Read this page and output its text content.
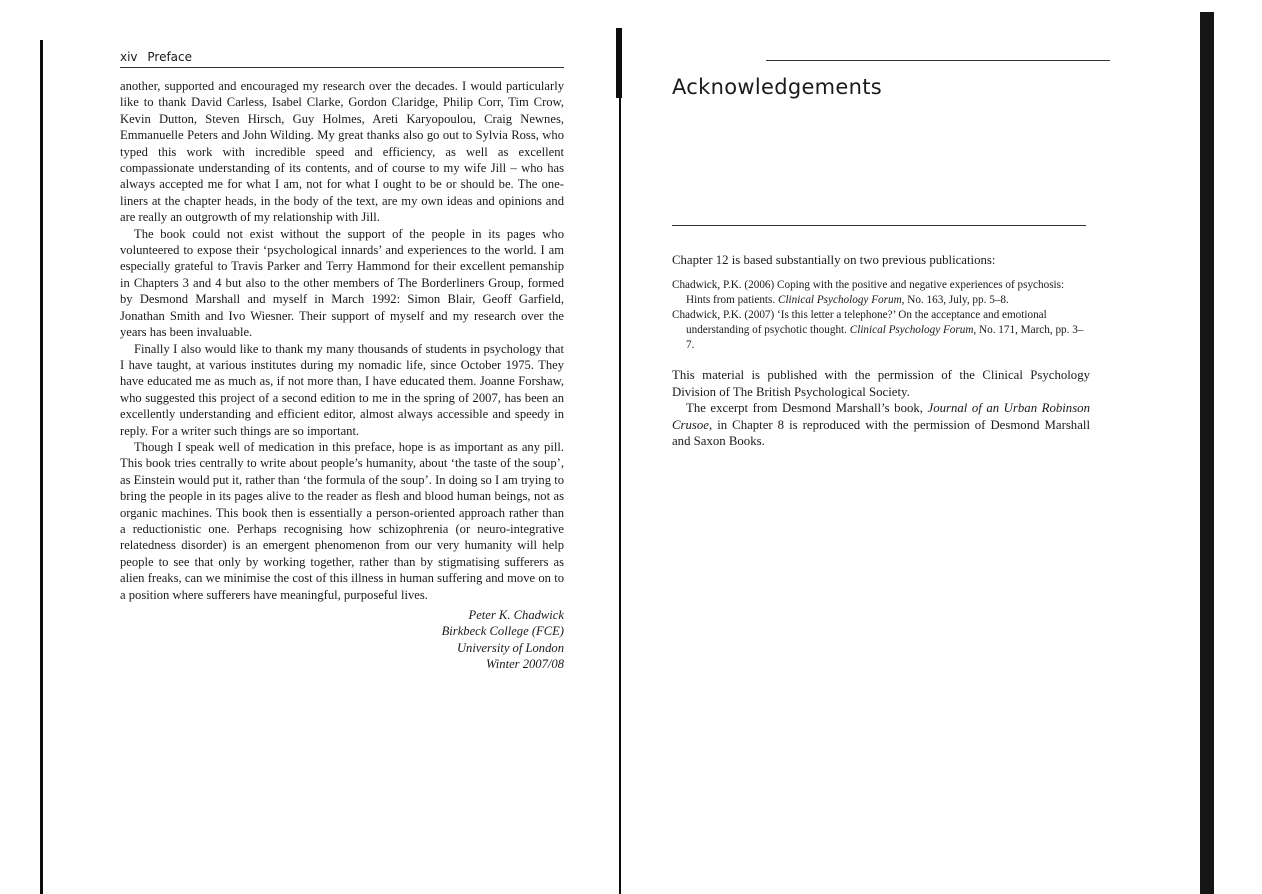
xiv Preface

another, supported and encouraged my research over the decades. I would particularly like to thank David Carless, Isabel Clarke, Gordon Claridge, Philip Corr, Tim Crow, Kevin Dutton, Steven Hirsch, Guy Holmes, Areti Karyopoulou, Craig Newnes, Emmanuelle Peters and John Wilding. My great thanks also go out to Sylvia Ross, who typed this work with incredible speed and efficiency, as well as excellent compassionate understanding of its contents, and of course to my wife Jill – who has always accepted me for what I am, not for what I ought to be or should be. The one-liners at the chapter heads, in the body of the text, are my own ideas and opinions and are really an outgrowth of my relationship with Jill.

The book could not exist without the support of the people in its pages who volunteered to expose their ‘psychological innards’ and experiences to the world. I am especially grateful to Travis Parker and Terry Hammond for their excellent pemanship in Chapters 3 and 4 but also to the other members of The Borderliners Group, formed by Desmond Marshall and myself in March 1992: Simon Blair, Geoff Garfield, Jonathan Smith and Ivo Wiesner. Their support of myself and my research over the years has been invaluable.

Finally I also would like to thank my many thousands of students in psychology that I have taught, at various institutes during my nomadic life, since October 1975. They have educated me as much as, if not more than, I have educated them. Joanne Forshaw, who suggested this project of a second edition to me in the spring of 2007, has been an excellently understanding and efficient editor, almost always accessible and speedy in reply. For a writer such things are so important.

Though I speak well of medication in this preface, hope is as important as any pill. This book tries centrally to write about people’s humanity, about ‘the taste of the soup’, as Einstein would put it, rather than ‘the formula of the soup’. In doing so I am trying to bring the people in its pages alive to the reader as flesh and blood human beings, not as organic machines. This book then is essentially a person-oriented approach rather than a reductionistic one. Perhaps recognising how schizophrenia (or neuro-integrative relatedness disorder) is an emergent phenomenon from our very humanity will help people to see that only by working together, rather than by stigmatising sufferers as alien freaks, can we minimise the cost of this illness in human suffering and move on to a position where sufferers have meaningful, purposeful lives.

Peter K. Chadwick
Birkbeck College (FCE)
University of London
Winter 2007/08
Acknowledgements

Chapter 12 is based substantially on two previous publications:

Chadwick, P.K. (2006) Coping with the positive and negative experiences of psychosis: Hints from patients. Clinical Psychology Forum, No. 163, July, pp. 5–8.

Chadwick, P.K. (2007) ‘Is this letter a telephone?’ On the acceptance and emotional understanding of psychotic thought. Clinical Psychology Forum, No. 171, March, pp. 3–7.

This material is published with the permission of the Clinical Psychology Division of The British Psychological Society.

The excerpt from Desmond Marshall’s book, Journal of an Urban Robinson Crusoe, in Chapter 8 is reproduced with the permission of Desmond Marshall and Saxon Books.
